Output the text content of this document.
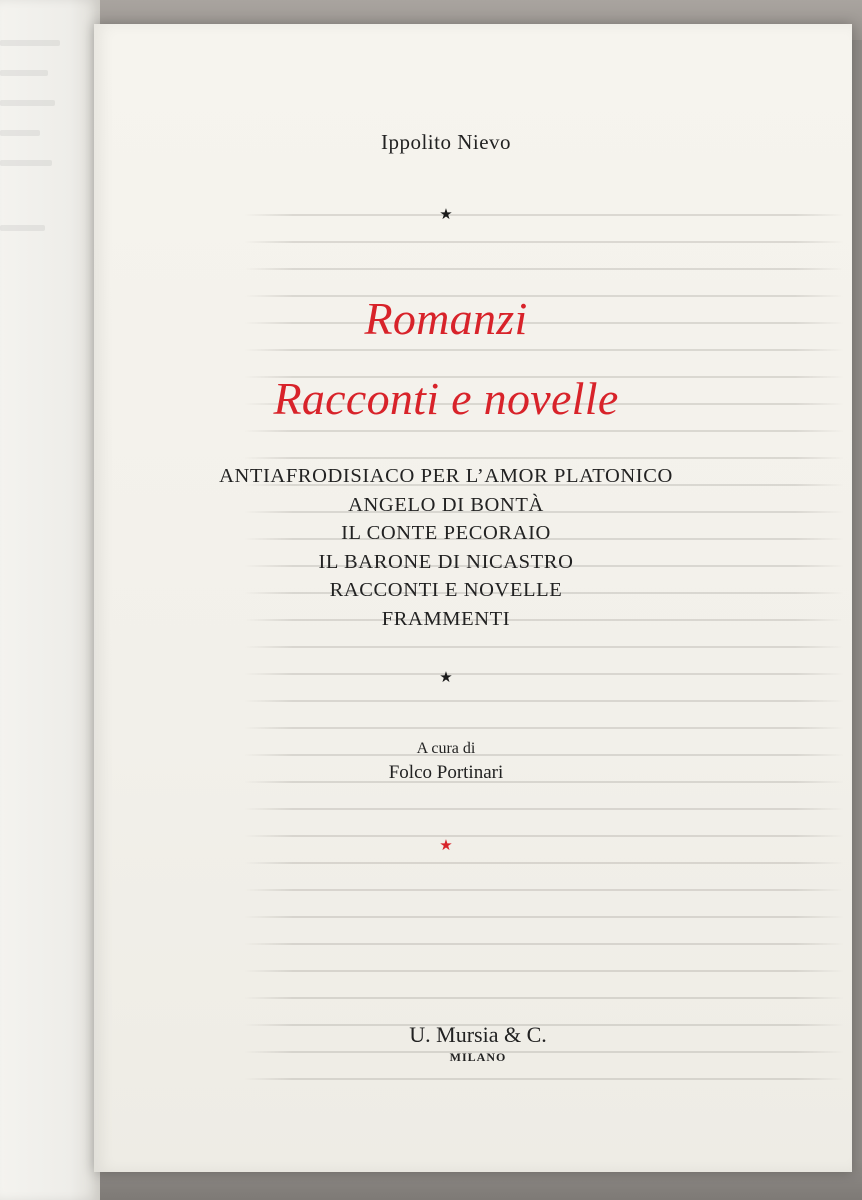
Ippolito Nievo
★
Romanzi
Racconti e novelle
ANTIAFRODISIACO PER L’AMOR PLATONICO
ANGELO DI BONTÀ
IL CONTE PECORAIO
IL BARONE DI NICASTRO
RACCONTI E NOVELLE
FRAMMENTI
★
A cura di
Folco Portinari
★
U. Mursia & C.
MILANO
